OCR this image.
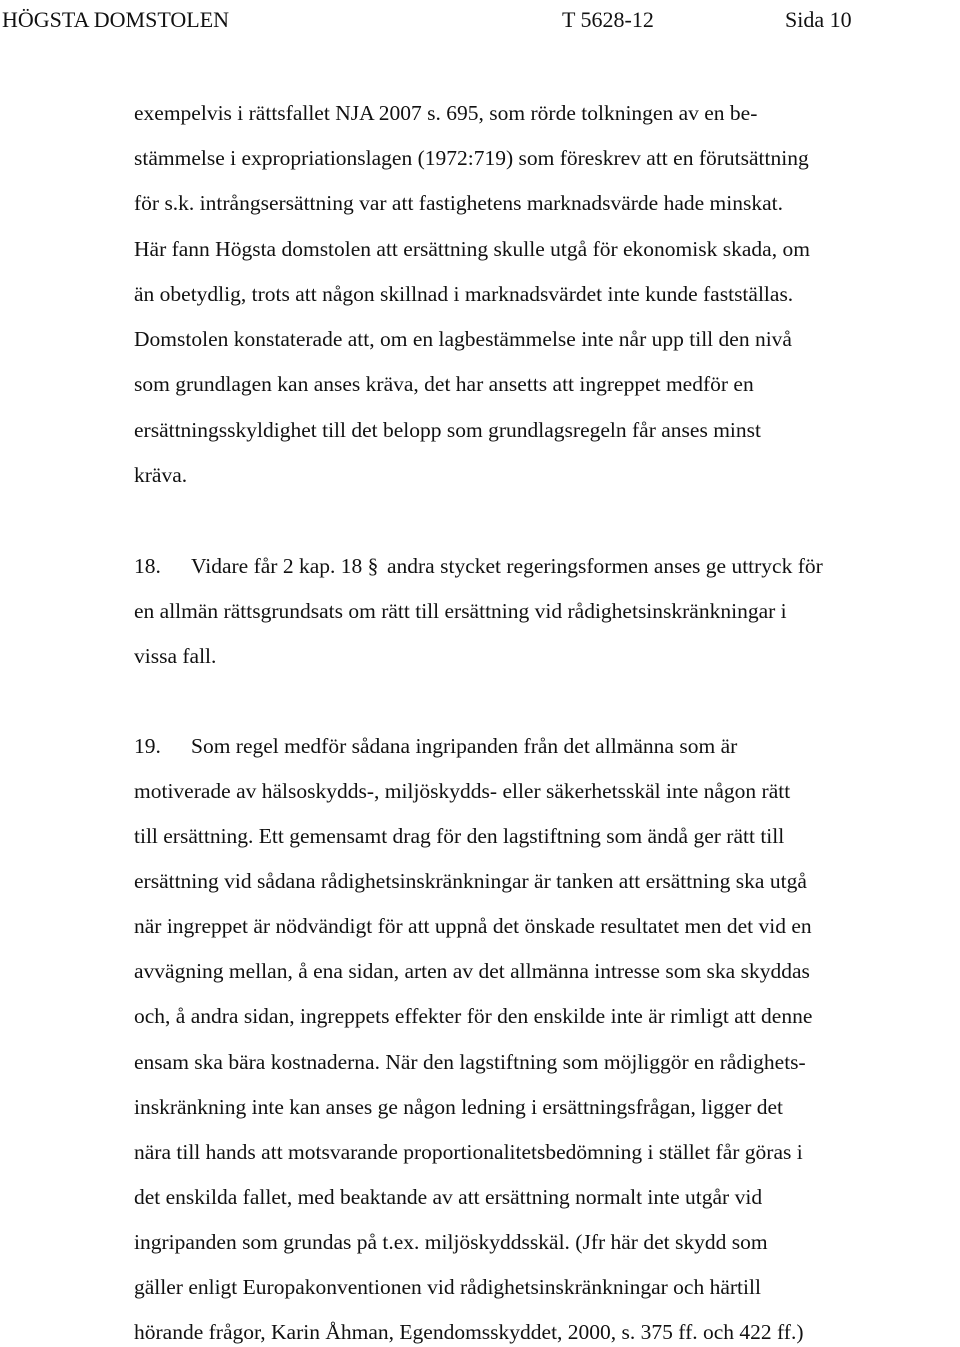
HÖGSTA DOMSTOLEN	T 5628-12	Sida 10
exempelvis i rättsfallet NJA 2007 s. 695, som rörde tolkningen av en be-
stämmelse i expropriationslagen (1972:719) som föreskrev att en förutsättning
för s.k. intrångsersättning var att fastighetens marknadsvärde hade minskat.
Här fann Högsta domstolen att ersättning skulle utgå för ekonomisk skada, om
än obetydlig, trots att någon skillnad i marknadsvärdet inte kunde fastställas.
Domstolen konstaterade att, om en lagbestämmelse inte når upp till den nivå
som grundlagen kan anses kräva, det har ansetts att ingreppet medför en
ersättningsskyldighet till det belopp som grundlagsregeln får anses minst
kräva.
18. Vidare får 2 kap. 18 § andra stycket regeringsformen anses ge uttryck för
en allmän rättsgrundsats om rätt till ersättning vid rådighetsinskränkningar i
vissa fall.
19. Som regel medför sådana ingripanden från det allmänna som är
motiverade av hälsoskydds-, miljöskydds- eller säkerhetsskäl inte någon rätt
till ersättning. Ett gemensamt drag för den lagstiftning som ändå ger rätt till
ersättning vid sådana rådighetsinskränkningar är tanken att ersättning ska utgå
när ingreppet är nödvändigt för att uppnå det önskade resultatet men det vid en
avvägning mellan, å ena sidan, arten av det allmänna intresse som ska skyddas
och, å andra sidan, ingreppets effekter för den enskilde inte är rimligt att denne
ensam ska bära kostnaderna. När den lagstiftning som möjliggör en rådighets-
inskränkning inte kan anses ge någon ledning i ersättningsfrågan, ligger det
nära till hands att motsvarande proportionalitetsbedömning i stället får göras i
det enskilda fallet, med beaktande av att ersättning normalt inte utgår vid
ingripanden som grundas på t.ex. miljöskyddsskäl. (Jfr här det skydd som
gäller enligt Europakonventionen vid rådighetsinskränkningar och härtill
hörande frågor, Karin Åhman, Egendomsskyddet, 2000, s. 375 ff. och 422 ff.)
